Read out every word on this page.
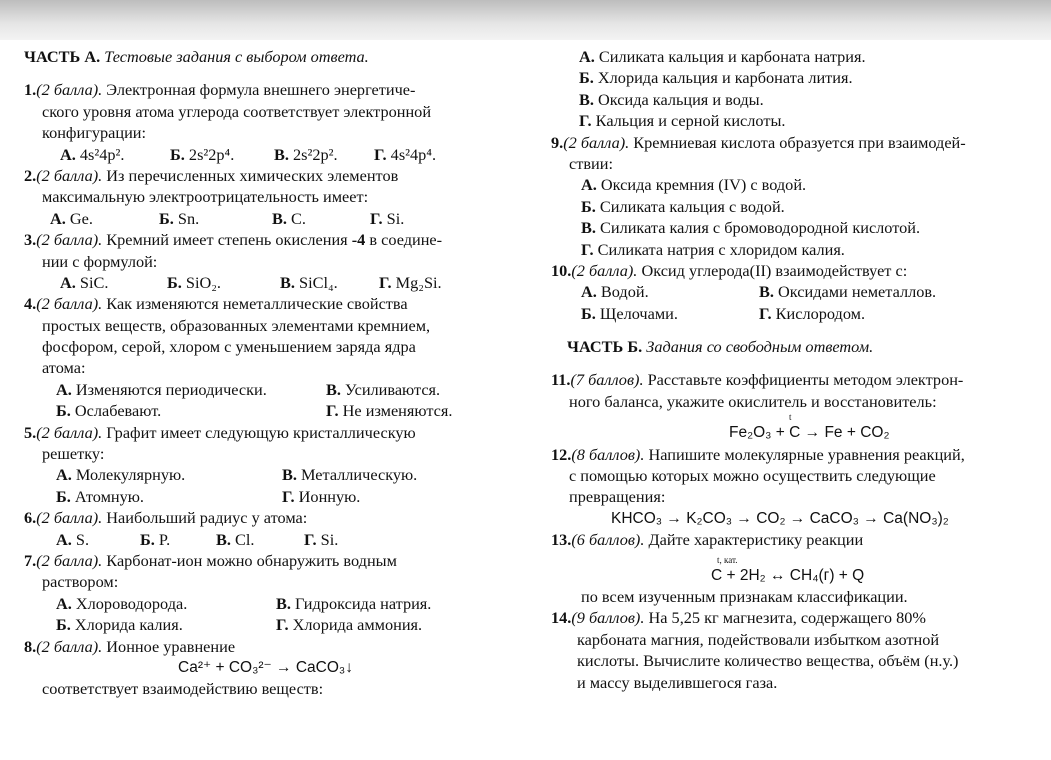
ЧАСТЬ А. Тестовые задания с выбором ответа.
1.(2 балла). Электронная формула внешнего энергетиче-
ского уровня атома углерода соответствует электронной
конфигурации:
А. 4s²4p².	Б. 2s²2p⁴. В. 2s²2p². Г. 4s²4p⁴.
2.(2 балла). Из перечисленных химических элементов
максимальную электроотрицательность имеет:
А. Ge.	Б. Sn.	В. C.	Г. Si.
3.(2 балла). Кремний имеет степень окисления -4 в соедине-
нии с формулой:
А. SiC.	Б. SiO₂.	В. SiCl₄.	Г. Mg₂Si.
4.(2 балла). Как изменяются неметаллические свойства
простых веществ, образованных элементами кремнием,
фосфором, серой, хлором с уменьшением заряда ядра
атома:
А. Изменяются периодически.	В. Усиливаются.
Б. Ослабевают.	Г. Не изменяются.
5.(2 балла). Графит имеет следующую кристаллическую
решетку:
А. Молекулярную.	В. Металлическую.
Б. Атомную.	Г. Ионную.
6.(2 балла). Наибольший радиус у атома:
А. S.	Б. P.	В. Cl.	Г. Si.
7.(2 балла). Карбонат-ион можно обнаружить водным
раствором:
А. Хлороводорода.	В. Гидроксида натрия.
Б. Хлорида калия.	Г. Хлорида аммония.
8.(2 балла). Ионное уравнение
Ca²⁺ + CO₃²⁻ → CaCO₃↓
соответствует взаимодействию веществ:
А. Силиката кальция и карбоната натрия.
Б. Хлорида кальция и карбоната лития.
В. Оксида кальция и воды.
Г. Кальция и серной кислоты.
9.(2 балла). Кремниевая кислота образуется при взаимодей-
ствии:
А. Оксида кремния (IV) с водой.
Б. Силиката кальция с водой.
В. Силиката калия с бромоводородной кислотой.
Г. Силиката натрия с хлоридом калия.
10.(2 балла). Оксид углерода(II) взаимодействует с:
А. Водой.	В. Оксидами неметаллов.
Б. Щелочами.	Г. Кислородом.
ЧАСТЬ Б. Задания со свободным ответом.
11.(7 баллов). Расставьте коэффициенты методом электрон-
ного баланса, укажите окислитель и восстановитель:
t
Fe₂O₃ + C → Fe + CO₂
12.(8 баллов). Напишите молекулярные уравнения реакций,
с помощью которых можно осуществить следующие
превращения:
KHCO₃ → K₂CO₃ → CO₂ → CaCO₃ → Ca(NO₃)₂
13.(6 баллов). Дайте характеристику реакции
t, кат.
C + 2H₂ ↔ CH₄(г) + Q
по всем изученным признакам классификации.
14.(9 баллов). На 5,25 кг магнезита, содержащего 80%
карбоната магния, подействовали избытком азотной
кислоты. Вычислите количество вещества, объём (н.у.)
и массу выделившегося газа.
